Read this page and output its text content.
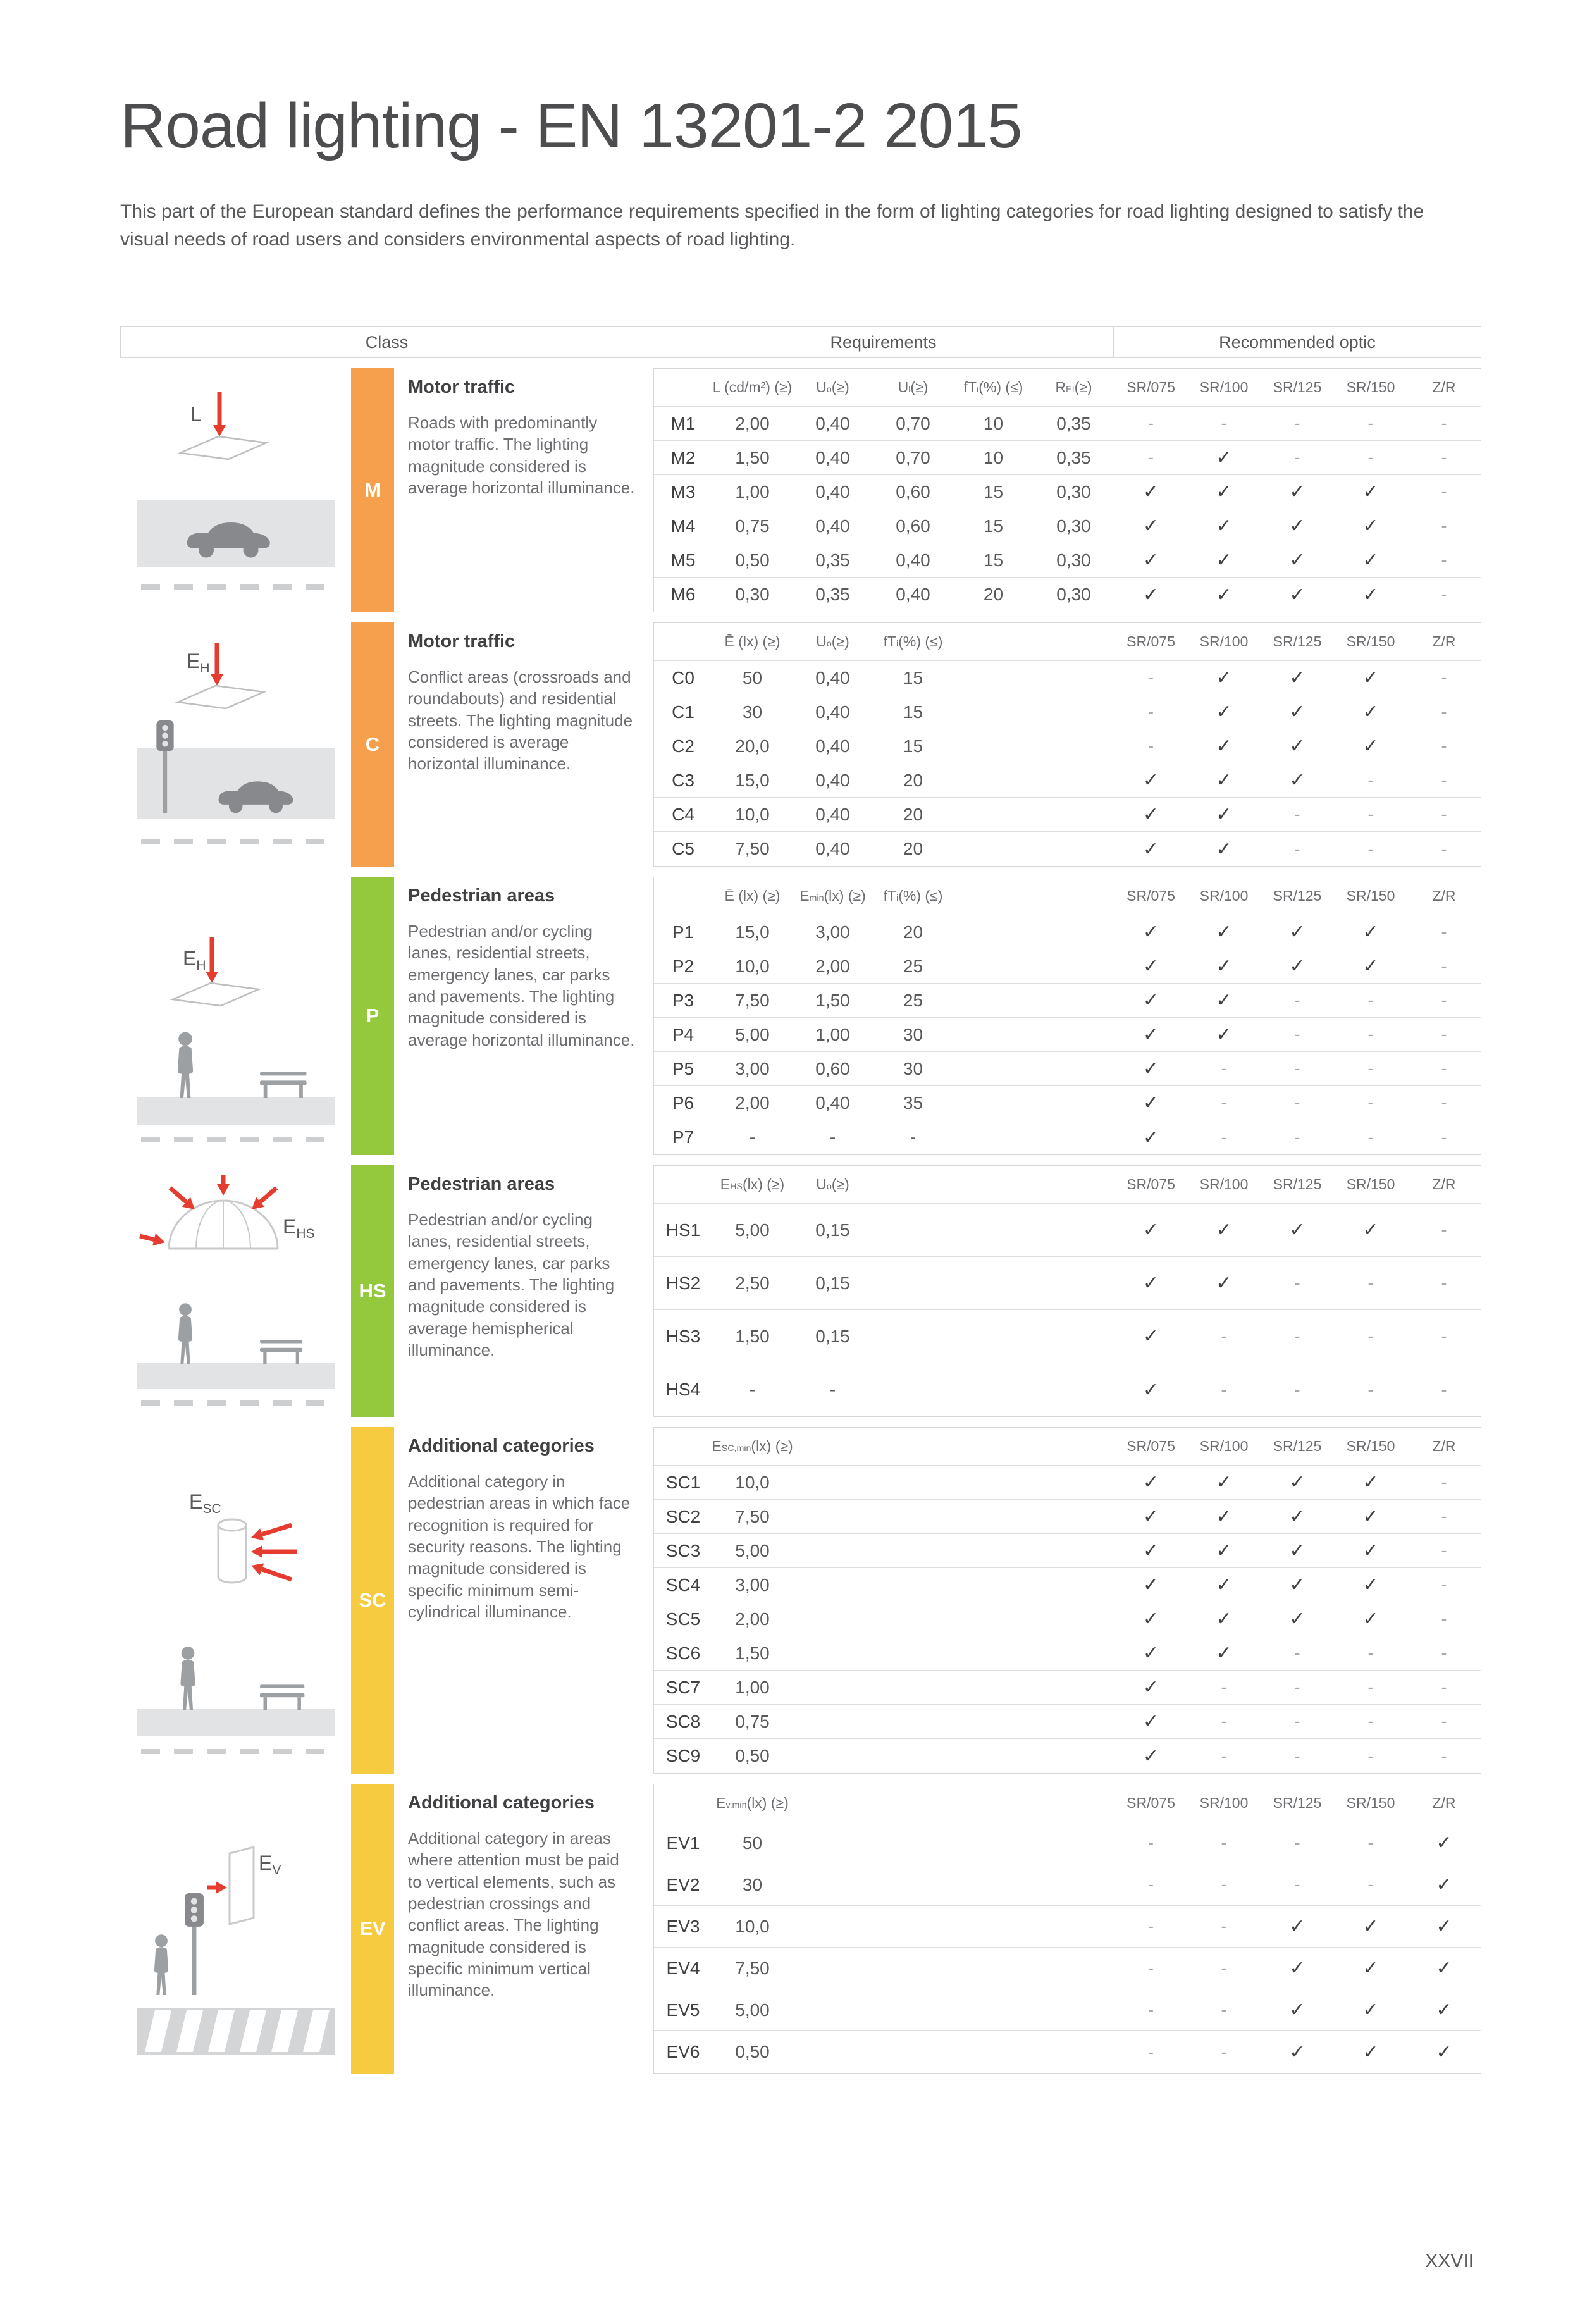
Road lighting - EN 13201-2 2015

This part of the European standard defines the performance requirements specified in the form of lighting categories for road lighting designed to satisfy the visual needs of road users and considers environmental aspects of road lighting.

Class	Requirements	Recommended optic
L
M
Motor traffic
Roads with predominantly motor traffic. The lighting magnitude considered is average horizontal illuminance.
L (cd/m²) (≥)	$U_o$ (≥)	$U_l$ (≥)	$fT_i$ (%) (≤)	$R_{EI}$ (≥)	SR/075	SR/100	SR/125	SR/150	Z/R
M1	2,00	0,40	0,70	10	0,35	-	-	-	-	-
M2	1,50	0,40	0,70	10	0,35	-	✓	-	-	-
M3	1,00	0,40	0,60	15	0,30	✓	✓	✓	✓	-
M4	0,75	0,40	0,60	15	0,30	✓	✓	✓	✓	-
M5	0,50	0,35	0,40	15	0,30	✓	✓	✓	✓	-
M6	0,30	0,35	0,40	20	0,30	✓	✓	✓	✓	-
$E_H$
C
Motor traffic
Conflict areas (crossroads and roundabouts) and residential streets. The lighting magnitude considered is average horizontal illuminance.
Ē (lx) (≥)	$U_o$ (≥)	$fT_i$ (%) (≤)	SR/075	SR/100	SR/125	SR/150	Z/R
C0	50	0,40	15	-	✓	✓	✓	-
C1	30	0,40	15	-	✓	✓	✓	-
C2	20,0	0,40	15	-	✓	✓	✓	-
C3	15,0	0,40	20	✓	✓	✓	-	-
C4	10,0	0,40	20	✓	✓	-	-	-
C5	7,50	0,40	20	✓	✓	-	-	-
$E_H$
P
Pedestrian areas
Pedestrian and/or cycling lanes, residential streets, emergency lanes, car parks and pavements. The lighting magnitude considered is average horizontal illuminance.
Ē (lx) (≥)	$E_{min}$ (lx) (≥)	$fT_i$ (%) (≤)	SR/075	SR/100	SR/125	SR/150	Z/R
P1	15,0	3,00	20	✓	✓	✓	✓	-
P2	10,0	2,00	25	✓	✓	✓	✓	-
P3	7,50	1,50	25	✓	✓	-	-	-
P4	5,00	1,00	30	✓	✓	-	-	-
P5	3,00	0,60	30	✓	-	-	-	-
P6	2,00	0,40	35	✓	-	-	-	-
P7	-	-	-	✓	-	-	-	-
$E_{HS}$
HS
Pedestrian areas
Pedestrian and/or cycling lanes, residential streets, emergency lanes, car parks and pavements. The lighting magnitude considered is average hemispherical illuminance.
$E_{HS}$ (lx) (≥)	$U_o$ (≥)	SR/075	SR/100	SR/125	SR/150	Z/R
HS1	5,00	0,15	✓	✓	✓	✓	-
HS2	2,50	0,15	✓	✓	-	-	-
HS3	1,50	0,15	✓	-	-	-	-
HS4	-	-	✓	-	-	-	-
$E_{SC}$
SC
Additional categories
Additional category in pedestrian areas in which face recognition is required for security reasons. The lighting magnitude considered is specific minimum semi-cylindrical illuminance.
$E_{SC,min}$ (lx) (≥)	SR/075	SR/100	SR/125	SR/150	Z/R
SC1	10,0	✓	✓	✓	✓	-
SC2	7,50	✓	✓	✓	✓	-
SC3	5,00	✓	✓	✓	✓	-
SC4	3,00	✓	✓	✓	✓	-
SC5	2,00	✓	✓	✓	✓	-
SC6	1,50	✓	✓	-	-	-
SC7	1,00	✓	-	-	-	-
SC8	0,75	✓	-	-	-	-
SC9	0,50	✓	-	-	-	-
$E_V$
EV
Additional categories
Additional category in areas where attention must be paid to vertical elements, such as pedestrian crossings and conflict areas. The lighting magnitude considered is specific minimum vertical illuminance.
$E_{v,min}$ (lx) (≥)	SR/075	SR/100	SR/125	SR/150	Z/R
EV1	50	-	-	-	-	✓
EV2	30	-	-	-	-	✓
EV3	10,0	-	-	✓	✓	✓
EV4	7,50	-	-	✓	✓	✓
EV5	5,00	-	-	✓	✓	✓
EV6	0,50	-	-	✓	✓	✓
XXVII
